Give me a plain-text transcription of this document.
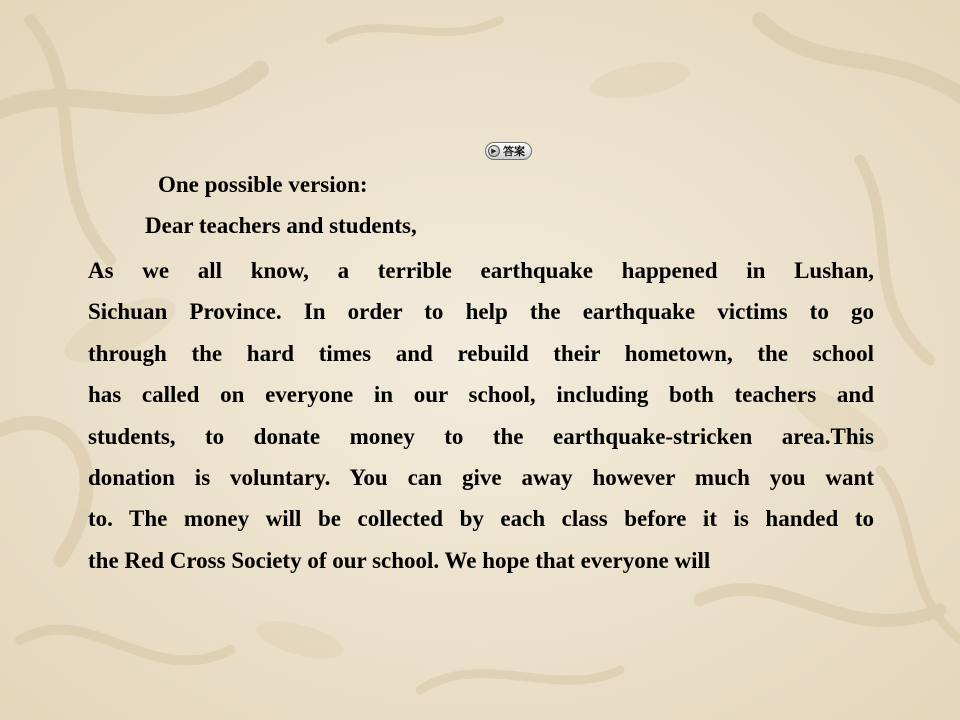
▶ 答案
One possible version:
Dear teachers and students,
As we all know, a terrible earthquake happened in Lushan,
Sichuan Province. In order to help the earthquake victims to go
through the hard times and rebuild their hometown, the school
has called on everyone in our school, including both teachers and
students, to donate money to the earthquake-stricken area.This
donation is voluntary. You can give away however much you want
to. The money will be collected by each class before it is handed to
the Red Cross Society of our school. We hope that everyone will
